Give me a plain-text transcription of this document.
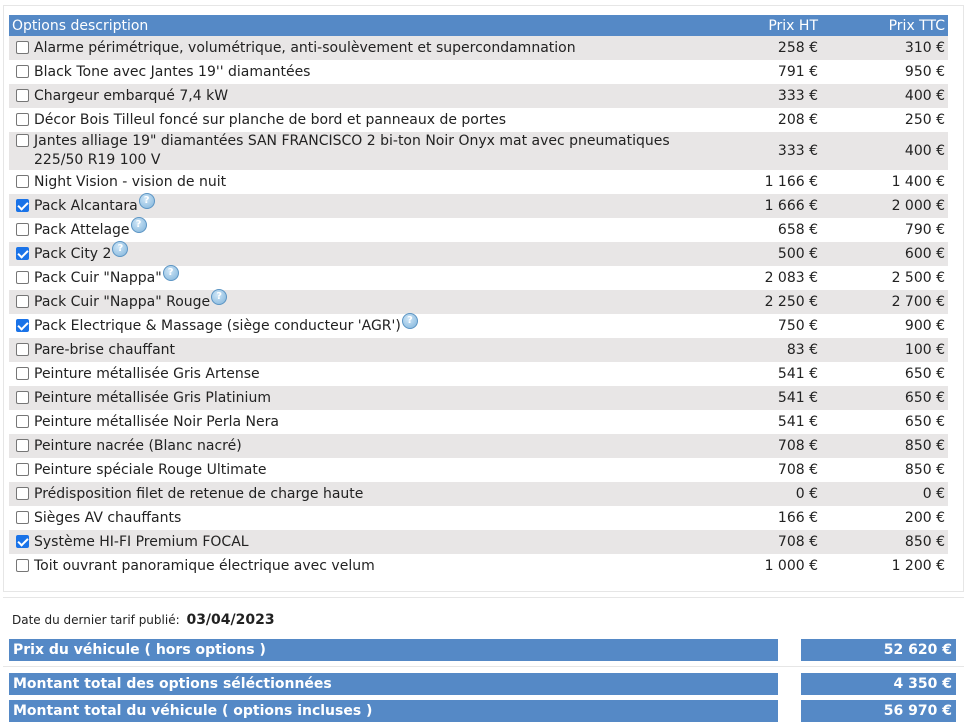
Options description	Prix HT	Prix TTC
Alarme périmétrique, volumétrique, anti-soulèvement et supercondamnation	258 €	310 €
Black Tone avec Jantes 19'' diamantées	791 €	950 €
Chargeur embarqué 7,4 kW	333 €	400 €
Décor Bois Tilleul foncé sur planche de bord et panneaux de portes	208 €	250 €
Jantes alliage 19" diamantées SAN FRANCISCO 2 bi-ton Noir Onyx mat avec pneumatiques 225/50 R19 100 V	333 €	400 €
Night Vision - vision de nuit	1 166 €	1 400 €
Pack Alcantara ?	1 666 €	2 000 €
Pack Attelage ?	658 €	790 €
Pack City 2 ?	500 €	600 €
Pack Cuir "Nappa" ?	2 083 €	2 500 €
Pack Cuir "Nappa" Rouge ?	2 250 €	2 700 €
Pack Electrique & Massage (siège conducteur 'AGR') ?	750 €	900 €
Pare-brise chauffant	83 €	100 €
Peinture métallisée Gris Artense	541 €	650 €
Peinture métallisée Gris Platinium	541 €	650 €
Peinture métallisée Noir Perla Nera	541 €	650 €
Peinture nacrée (Blanc nacré)	708 €	850 €
Peinture spéciale Rouge Ultimate	708 €	850 €
Prédisposition filet de retenue de charge haute	0 €	0 €
Sièges AV chauffants	166 €	200 €
Système HI-FI Premium FOCAL	708 €	850 €
Toit ouvrant panoramique électrique avec velum	1 000 €	1 200 €
Date du dernier tarif publié: 03/04/2023
Prix du véhicule ( hors options )	52 620 €
Montant total des options séléctionnées	4 350 €
Montant total du véhicule ( options incluses )	56 970 €
